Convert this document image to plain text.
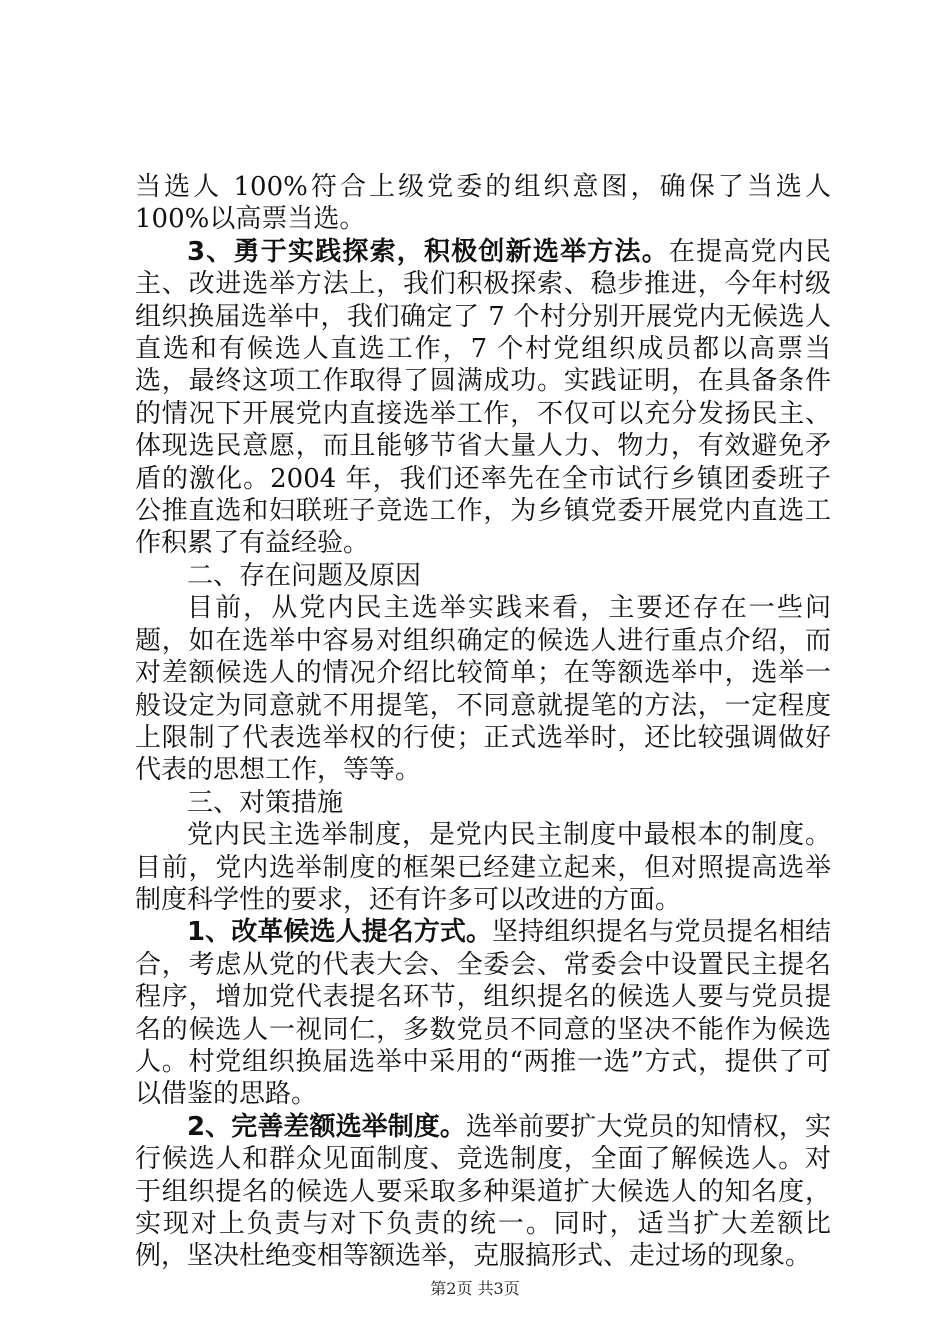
当选人 100%符合上级党委的组织意图，确保了当选人 100%以高票当选。

3、勇于实践探索，积极创新选举方法。在提高党内民主、改进选举方法上，我们积极探索、稳步推进，今年村级组织换届选举中，我们确定了 7 个村分别开展党内无候选人直选和有候选人直选工作，7 个村党组织成员都以高票当选，最终这项工作取得了圆满成功。实践证明，在具备条件的情况下开展党内直接选举工作，不仅可以充分发扬民主、体现选民意愿，而且能够节省大量人力、物力，有效避免矛盾的激化。2004 年，我们还率先在全市试行乡镇团委班子公推直选和妇联班子竞选工作，为乡镇党委开展党内直选工作积累了有益经验。

二、存在问题及原因

目前，从党内民主选举实践来看，主要还存在一些问题，如在选举中容易对组织确定的候选人进行重点介绍，而对差额候选人的情况介绍比较简单；在等额选举中，选举一般设定为同意就不用提笔，不同意就提笔的方法，一定程度上限制了代表选举权的行使；正式选举时，还比较强调做好代表的思想工作，等等。

三、对策措施

党内民主选举制度，是党内民主制度中最根本的制度。目前，党内选举制度的框架已经建立起来，但对照提高选举制度科学性的要求，还有许多可以改进的方面。

1、改革候选人提名方式。坚持组织提名与党员提名相结合，考虑从党的代表大会、全委会、常委会中设置民主提名程序，增加党代表提名环节，组织提名的候选人要与党员提名的候选人一视同仁，多数党员不同意的坚决不能作为候选人。村党组织换届选举中采用的“两推一选”方式，提供了可以借鉴的思路。

2、完善差额选举制度。选举前要扩大党员的知情权，实行候选人和群众见面制度、竞选制度，全面了解候选人。对于组织提名的候选人要采取多种渠道扩大候选人的知名度，实现对上负责与对下负责的统一。同时，适当扩大差额比例，坚决杜绝变相等额选举，克服搞形式、走过场的现象。

第2页 共3页
